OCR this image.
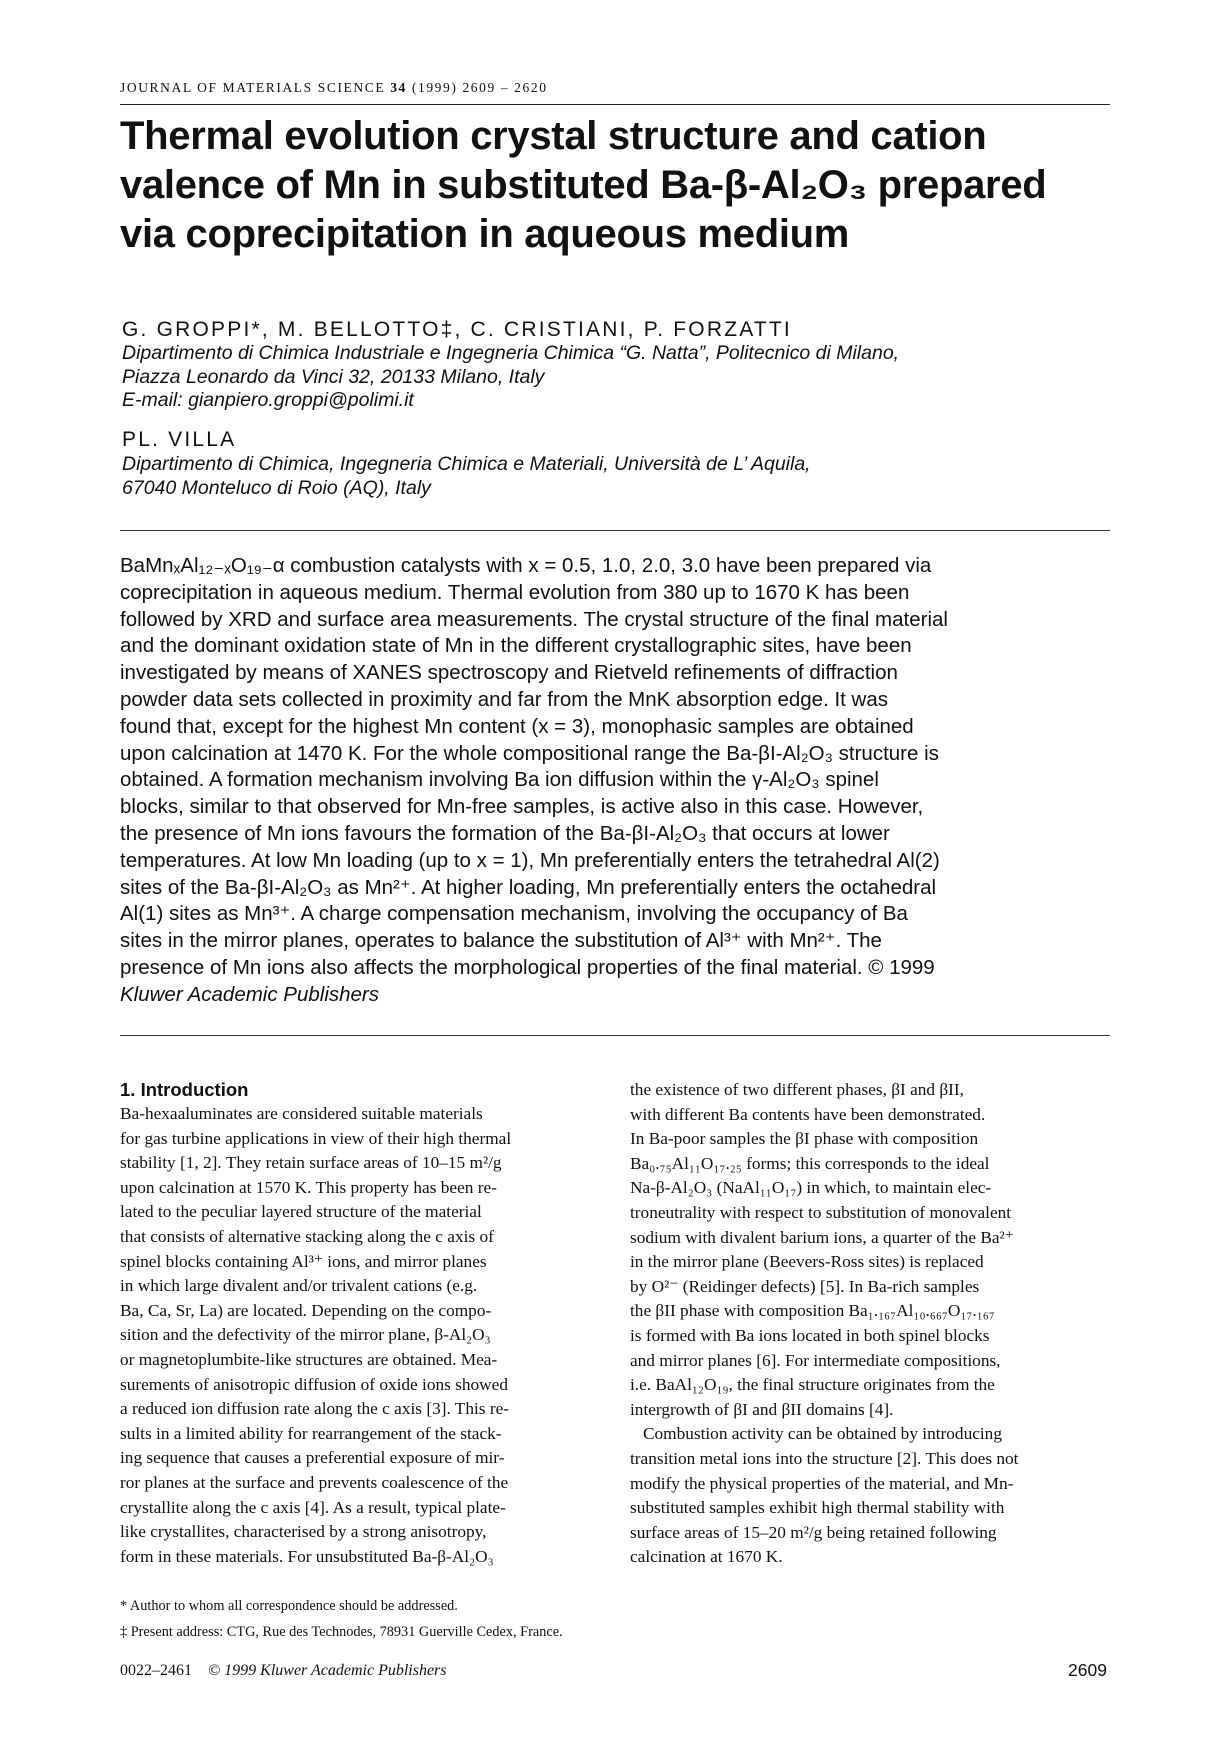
JOURNAL OF MATERIALS SCIENCE 34 (1999) 2609 – 2620
Thermal evolution crystal structure and cation
valence of Mn in substituted Ba-β-Al₂O₃ prepared
via coprecipitation in aqueous medium
G. GROPPI*, M. BELLOTTO‡, C. CRISTIANI, P. FORZATTI
Dipartimento di Chimica Industriale e Ingegneria Chimica “G. Natta”, Politecnico di Milano,
Piazza Leonardo da Vinci 32, 20133 Milano, Italy
E-mail: gianpiero.groppi@polimi.it
PL. VILLA
Dipartimento di Chimica, Ingegneria Chimica e Materiali, Università de L’ Aquila,
67040 Monteluco di Roio (AQ), Italy
BaMnₓAl₁₂₋ₓO₁₉₋α combustion catalysts with x = 0.5, 1.0, 2.0, 3.0 have been prepared via
coprecipitation in aqueous medium. Thermal evolution from 380 up to 1670 K has been
followed by XRD and surface area measurements. The crystal structure of the final material
and the dominant oxidation state of Mn in the different crystallographic sites, have been
investigated by means of XANES spectroscopy and Rietveld refinements of diffraction
powder data sets collected in proximity and far from the MnK absorption edge. It was
found that, except for the highest Mn content (x = 3), monophasic samples are obtained
upon calcination at 1470 K. For the whole compositional range the Ba-βI-Al₂O₃ structure is
obtained. A formation mechanism involving Ba ion diffusion within the γ-Al₂O₃ spinel
blocks, similar to that observed for Mn-free samples, is active also in this case. However,
the presence of Mn ions favours the formation of the Ba-βI-Al₂O₃ that occurs at lower
temperatures. At low Mn loading (up to x = 1), Mn preferentially enters the tetrahedral Al(2)
sites of the Ba-βI-Al₂O₃ as Mn²⁺. At higher loading, Mn preferentially enters the octahedral
Al(1) sites as Mn³⁺. A charge compensation mechanism, involving the occupancy of Ba
sites in the mirror planes, operates to balance the substitution of Al³⁺ with Mn²⁺. The
presence of Mn ions also affects the morphological properties of the final material. © 1999
Kluwer Academic Publishers
1. Introduction
Ba-hexaaluminates are considered suitable materials
for gas turbine applications in view of their high thermal
stability [1, 2]. They retain surface areas of 10–15 m²/g
upon calcination at 1570 K. This property has been re-
lated to the peculiar layered structure of the material
that consists of alternative stacking along the c axis of
spinel blocks containing Al³⁺ ions, and mirror planes
in which large divalent and/or trivalent cations (e.g.
Ba, Ca, Sr, La) are located. Depending on the compo-
sition and the defectivity of the mirror plane, β-Al₂O₃
or magnetoplumbite-like structures are obtained. Mea-
surements of anisotropic diffusion of oxide ions showed
a reduced ion diffusion rate along the c axis [3]. This re-
sults in a limited ability for rearrangement of the stack-
ing sequence that causes a preferential exposure of mir-
ror planes at the surface and prevents coalescence of the
crystallite along the c axis [4]. As a result, typical plate-
like crystallites, characterised by a strong anisotropy,
form in these materials. For unsubstituted Ba-β-Al₂O₃
the existence of two different phases, βI and βII,
with different Ba contents have been demonstrated.
In Ba-poor samples the βI phase with composition
Ba₀.₇₅Al₁₁O₁₇.₂₅ forms; this corresponds to the ideal
Na-β-Al₂O₃ (NaAl₁₁O₁₇) in which, to maintain elec-
troneutrality with respect to substitution of monovalent
sodium with divalent barium ions, a quarter of the Ba²⁺
in the mirror plane (Beevers-Ross sites) is replaced
by O²⁻ (Reidinger defects) [5]. In Ba-rich samples
the βII phase with composition Ba₁.₁₆₇Al₁₀.₆₆₇O₁₇.₁₆₇
is formed with Ba ions located in both spinel blocks
and mirror planes [6]. For intermediate compositions,
i.e. BaAl₁₂O₁₉, the final structure originates from the
intergrowth of βI and βII domains [4].
Combustion activity can be obtained by introducing
transition metal ions into the structure [2]. This does not
modify the physical properties of the material, and Mn-
substituted samples exhibit high thermal stability with
surface areas of 15–20 m²/g being retained following
calcination at 1670 K.
* Author to whom all correspondence should be addressed.
‡ Present address: CTG, Rue des Technodes, 78931 Guerville Cedex, France.
0022–2461 © 1999 Kluwer Academic Publishers	2609
